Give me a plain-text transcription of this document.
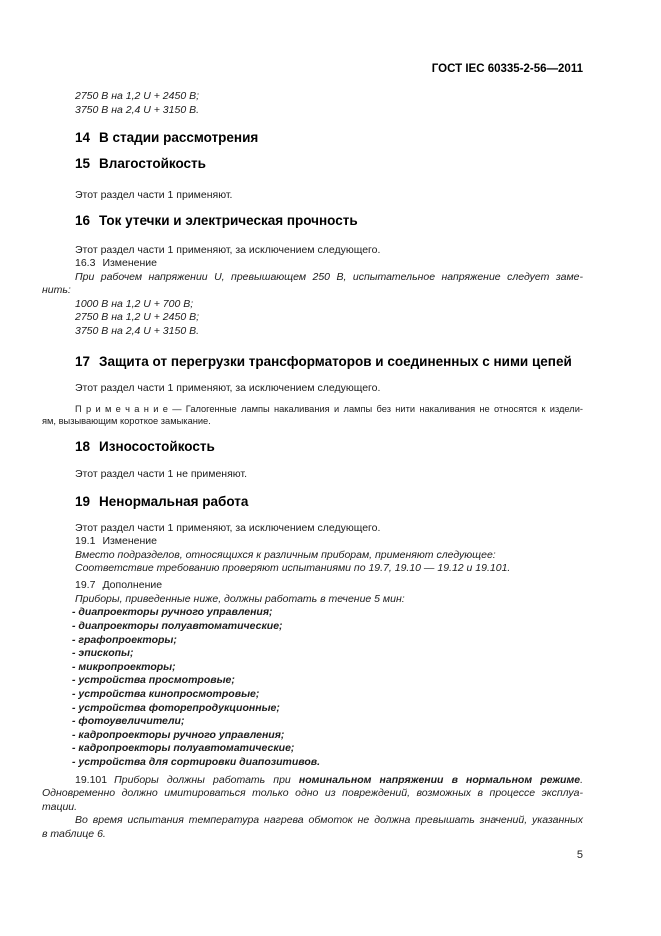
ГОСТ IEC 60335-2-56—2011
2750 В на 1,2 U + 2450 В;
3750 В на 2,4 U + 3150 В.
14 В стадии рассмотрения
15 Влагостойкость
Этот раздел части 1 применяют.
16 Ток утечки и электрическая прочность
Этот раздел части 1 применяют, за исключением следующего.
16.3 Изменение
При рабочем напряжении U, превышающем 250 В, испытательное напряжение следует заме-
нить:
1000 В на 1,2 U + 700 В;
2750 В на 1,2 U + 2450 В;
3750 В на 2,4 U + 3150 В.
17 Защита от перегрузки трансформаторов и соединенных с ними цепей
Этот раздел части 1 применяют, за исключением следующего.
П р и м е ч а н и е — Галогенные лампы накаливания и лампы без нити накаливания не относятся к издели-
ям, вызывающим короткое замыкание.
18 Износостойкость
Этот раздел части 1 не применяют.
19 Ненормальная работа
Этот раздел части 1 применяют, за исключением следующего.
19.1 Изменение
Вместо подразделов, относящихся к различным приборам, применяют следующее:
Соответствие требованию проверяют испытаниями по 19.7, 19.10 — 19.12 и 19.101.
19.7 Дополнение
Приборы, приведенные ниже, должны работать в течение 5 мин:
- диапроекторы ручного управления;
- диапроекторы полуавтоматические;
- графопроекторы;
- эпископы;
- микропроекторы;
- устройства просмотровые;
- устройства кинопросмотровые;
- устройства фоторепродукционные;
- фотоувеличители;
- кадропроекторы ручного управления;
- кадропроекторы полуавтоматические;
- устройства для сортировки диапозитивов.
19.101 Приборы должны работать при номинальном напряжении в нормальном режиме.
Одновременно должно имитироваться только одно из повреждений, возможных в процессе эксплуа-
тации.
Во время испытания температура нагрева обмоток не должна превышать значений, указанных
в таблице 6.
5
